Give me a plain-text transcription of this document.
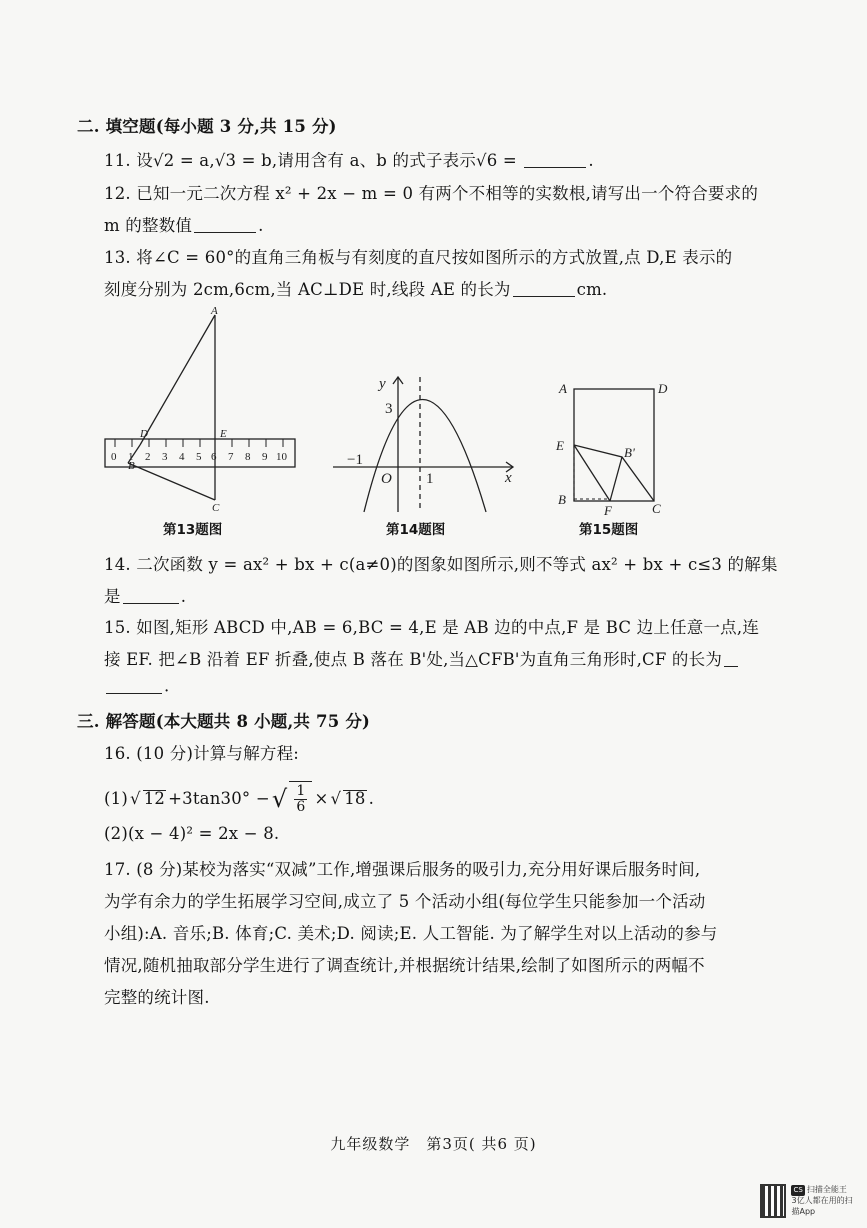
二. 填空题(每小题 3 分,共 15 分)
11. 设√2 = a,√3 = b,请用含有 a、b 的式子表示√6 =	.
12. 已知一元二次方程 x² + 2x − m = 0 有两个不相等的实数根,请写出一个符合要求的
m 的整数值	.
13. 将∠C = 60°的直角三角板与有刻度的直尺按如图所示的方式放置,点 D,E 表示的
刻度分别为 2cm,6cm,当 AC⊥DE 时,线段 AE 的长为	cm.
0 1 2 3 4 5 6 7 8 9 10
A
D	E
B
C
第13题图
y
x
O
3
−1
1
第14题图
A	D
E	B'
B
F	C
第15题图
14. 二次函数 y = ax² + bx + c(a≠0)的图象如图所示,则不等式 ax² + bx + c≤3 的解集
是	.
15. 如图,矩形 ABCD 中,AB = 6,BC = 4,E 是 AB 边的中点,F 是 BC 边上任意一点,连
接 EF. 把∠B 沿着 EF 折叠,使点 B 落在 B'处,当△CFB'为直角三角形时,CF 的长为
.
三. 解答题(本大题共 8 小题,共 75 分)
16. (10 分)计算与解方程:
(1) √ 12 +3tan30° − √ $\frac{1}{6}$ × √ 18 .
(2)(x − 4)² = 2x − 8.
17. (8 分)某校为落实“双减”工作,增强课后服务的吸引力,充分用好课后服务时间,
为学有余力的学生拓展学习空间,成立了 5 个活动小组(每位学生只能参加一个活动
小组):A. 音乐;B. 体育;C. 美术;D. 阅读;E. 人工智能. 为了解学生对以上活动的参与
情况,随机抽取部分学生进行了调查统计,并根据统计结果,绘制了如图所示的两幅不
完整的统计图.
九年级数学　第3页( 共6 页)
CS 扫描全能王
3亿人都在用的扫描App
